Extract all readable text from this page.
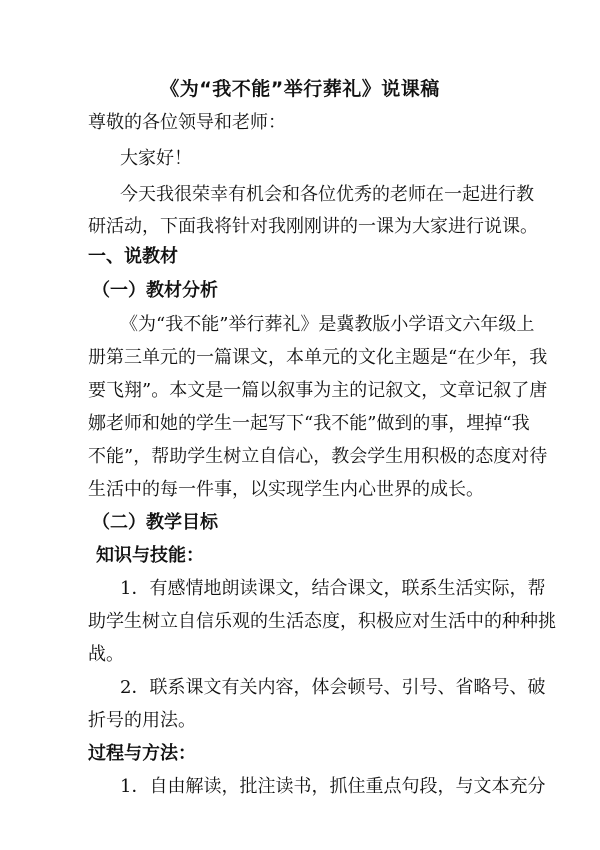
《为“我不能”举行葬礼》说课稿
尊敬的各位领导和老师：
大家好！
今天我很荣幸有机会和各位优秀的老师在一起进行教
研活动，下面我将针对我刚刚讲的一课为大家进行说课。
一、说教材
（一）教材分析
《为“我不能”举行葬礼》是冀教版小学语文六年级上
册第三单元的一篇课文，本单元的文化主题是“在少年，我
要飞翔”。本文是一篇以叙事为主的记叙文，文章记叙了唐
娜老师和她的学生一起写下“我不能”做到的事，埋掉“我
不能”，帮助学生树立自信心，教会学生用积极的态度对待
生活中的每一件事，以实现学生内心世界的成长。
（二）教学目标
知识与技能：
1．有感情地朗读课文，结合课文，联系生活实际，帮
助学生树立自信乐观的生活态度，积极应对生活中的种种挑
战。
2．联系课文有关内容，体会顿号、引号、省略号、破
折号的用法。
过程与方法：
1．自由解读，批注读书，抓住重点句段，与文本充分
